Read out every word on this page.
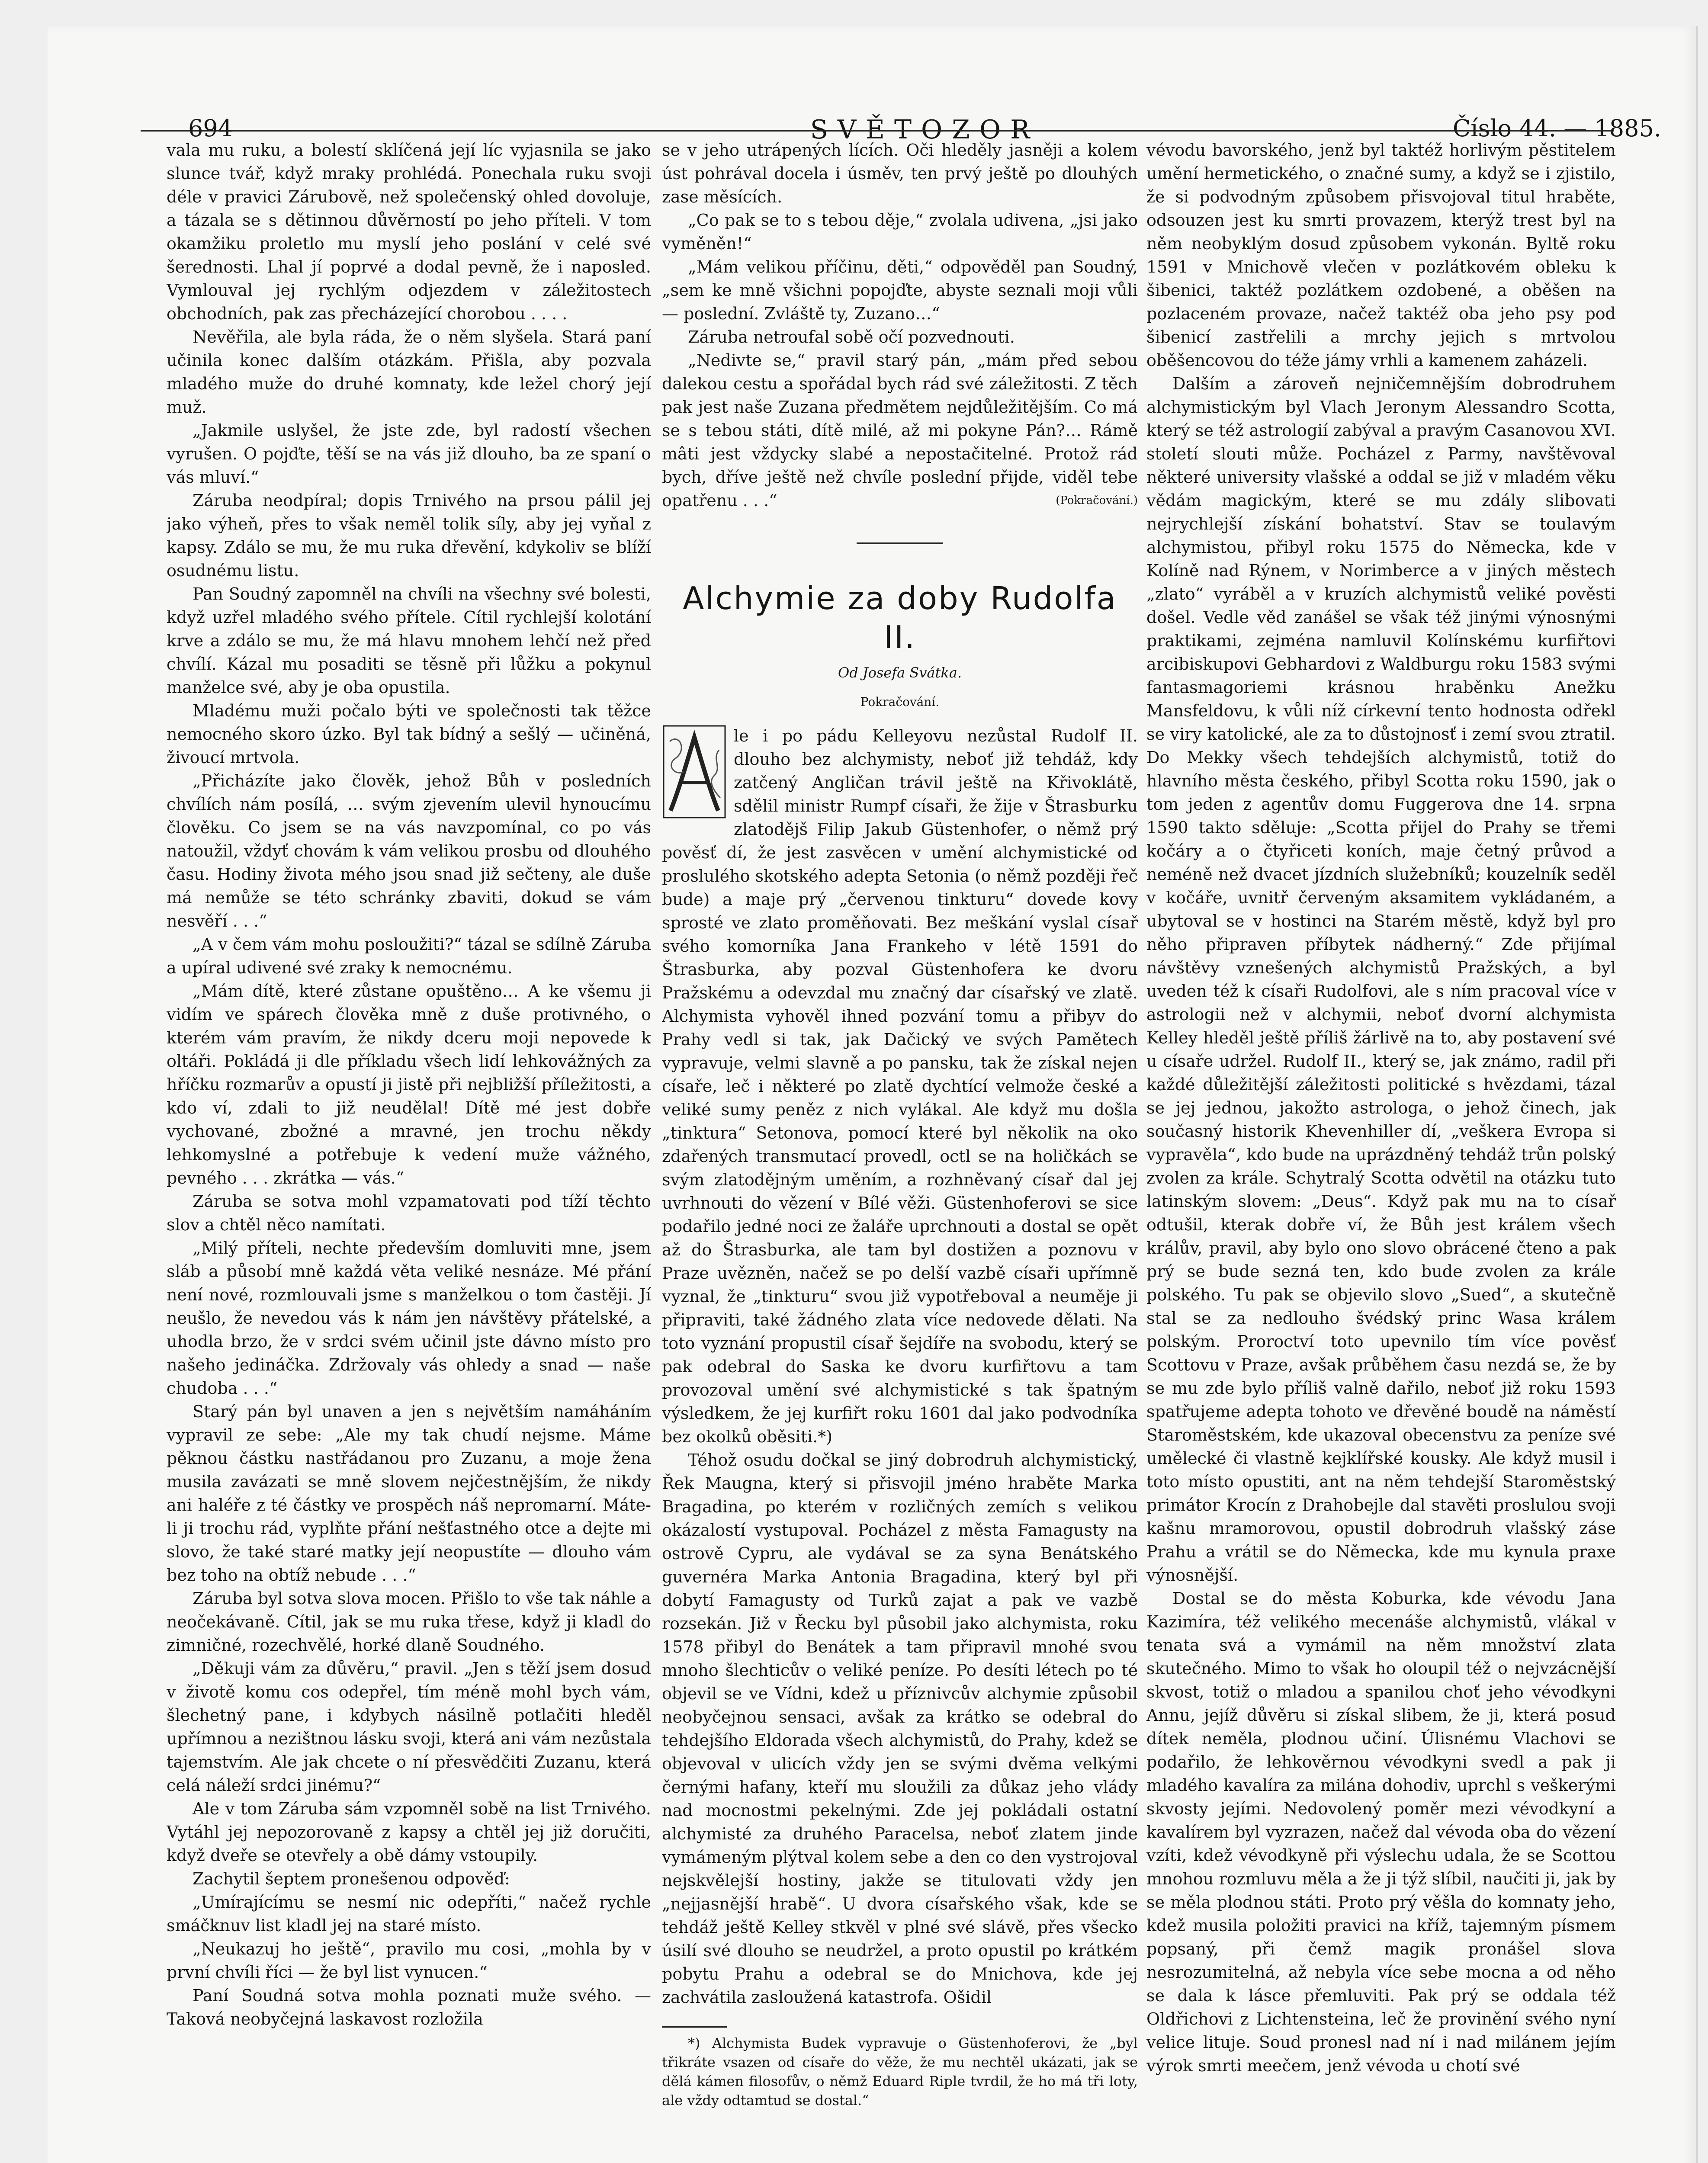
694	SVĚTOZOR	Číslo 44. — 1885.

vala mu ruku, a bolestí sklíčená její líc vyjasnila se jako slunce tvář, když mraky prohlédá. Ponechala ruku svoji déle v pravici Zárubově, než společenský ohled dovoluje, a tázala se s dětinnou důvěrností po jeho příteli. V tom okamžiku proletlo mu myslí jeho poslání v celé své šerednosti. Lhal jí poprvé a dodal pevně, že i naposled. Vymlouval jej rychlým odjezdem v záležitostech obchodních, pak zas přecházející chorobou . . . .

Nevěřila, ale byla ráda, že o něm slyšela. Stará paní učinila konec dalším otázkám. Přišla, aby pozvala mladého muže do druhé komnaty, kde ležel chorý její muž.

„Jakmile uslyšel, že jste zde, byl radostí všechen vyrušen. O pojďte, těší se na vás již dlouho, ba ze spaní o vás mluví.“

Záruba neodpíral; dopis Trnivého na prsou pálil jej jako výheň, přes to však neměl tolik síly, aby jej vyňal z kapsy. Zdálo se mu, že mu ruka dřevění, kdykoliv se blíží osudnému listu.

Pan Soudný zapomněl na chvíli na všechny své bolesti, když uzřel mladého svého přítele. Cítil rychlejší kolotání krve a zdálo se mu, že má hlavu mnohem lehčí než před chvílí. Kázal mu posaditi se těsně při lůžku a pokynul manželce své, aby je oba opustila.

Mladému muži počalo býti ve společnosti tak těžce nemocného skoro úzko. Byl tak bídný a sešlý — učiněná, živoucí mrtvola.

„Přicházíte jako člověk, jehož Bůh v posledních chvílích nám posílá, … svým zjevením ulevil hynoucímu člověku. Co jsem se na vás navzpomínal, co po vás natoužil, vždyť chovám k vám velikou prosbu od dlouhého času. Hodiny života mého jsou snad již sečteny, ale duše má nemůže se této schránky zbaviti, dokud se vám nesvěří . . .“

„A v čem vám mohu posloužiti?“ tázal se sdílně Záruba a upíral udivené své zraky k nemocnému.

„Mám dítě, které zůstane opuštěno… A ke všemu ji vidím ve spárech člověka mně z duše protivného, o kterém vám pravím, že nikdy dceru moji nepovede k oltáři. Pokládá ji dle příkladu všech lidí lehkovážných za hříčku rozmarův a opustí ji jistě při nejbližší příležitosti, a kdo ví, zdali to již neudělal! Dítě mé jest dobře vychované, zbožné a mravné, jen trochu někdy lehkomyslné a potřebuje k vedení muže vážného, pevného . . . zkrátka — vás.“

Záruba se sotva mohl vzpamatovati pod tíží těchto slov a chtěl něco namítati.

„Milý příteli, nechte především domluviti mne, jsem sláb a působí mně každá věta veliké nesnáze. Mé přání není nové, rozmlouvali jsme s manželkou o tom častěji. Jí neušlo, že nevedou vás k nám jen návštěvy přátelské, a uhodla brzo, že v srdci svém učinil jste dávno místo pro našeho jedináčka. Zdržovaly vás ohledy a snad — naše chudoba . . .“

Starý pán byl unaven a jen s největším namáháním vypravil ze sebe: „Ale my tak chudí nejsme. Máme pěknou částku nastřádanou pro Zuzanu, a moje žena musila zavázati se mně slovem nejčestnějším, že nikdy ani haléře z té částky ve prospěch náš nepromarní. Máte-li ji trochu rád, vyplňte přání nešťastného otce a dejte mi slovo, že také staré matky její neopustíte — dlouho vám bez toho na obtíž nebude . . .“

Záruba byl sotva slova mocen. Přišlo to vše tak náhle a neočekávaně. Cítil, jak se mu ruka třese, když ji kladl do zimničné, rozechvělé, horké dlaně Soudného.

„Děkuji vám za důvěru,“ pravil. „Jen s těží jsem dosud v životě komu cos odepřel, tím méně mohl bych vám, šlechetný pane, i kdybych násilně potlačiti hleděl upřímnou a nezištnou lásku svoji, která ani vám nezůstala tajemstvím. Ale jak chcete o ní přesvědčiti Zuzanu, která celá náleží srdci jinému?“

Ale v tom Záruba sám vzpomněl sobě na list Trnivého. Vytáhl jej nepozorovaně z kapsy a chtěl jej již doručiti, když dveře se otevřely a obě dámy vstoupily.

Zachytil šeptem pronešenou odpověď:

„Umírajícímu se nesmí nic odepříti,“ načež rychle smáčknuv list kladl jej na staré místo.

„Neukazuj ho ještě“, pravilo mu cosi, „mohla by v první chvíli říci — že byl list vynucen.“

Paní Soudná sotva mohla poznati muže svého. — Taková neobyčejná laskavost rozložila

se v jeho utrápených lících. Oči hleděly jasněji a kolem úst pohrával docela i úsměv, ten prvý ještě po dlouhých zase měsících.

„Co pak se to s tebou děje,“ zvolala udivena, „jsi jako vyměněn!“

„Mám velikou příčinu, děti,“ odpověděl pan Soudný, „sem ke mně všichni popojďte, abyste seznali moji vůli — poslední. Zvláště ty, Zuzano…“

Záruba netroufal sobě očí pozvednouti.

„Nedivte se,“ pravil starý pán, „mám před sebou dalekou cestu a spořádal bych rád své záležitosti. Z těch pak jest naše Zuzana předmětem nejdůležitějším. Co má se s tebou státi, dítě milé, až mi pokyne Pán?… Rámě mâti jest vždycky slabé a nepostačitelné. Protož rád bych, dříve ještě než chvíle poslední přijde, viděl tebe opatřenu . . .“	(Pokračování.)

Alchymie za doby Rudolfa II.
Od Josefa Svátka.
Pokračování.

le i po pádu Kelleyovu nezůstal Rudolf II. dlouho bez alchymisty, neboť již tehdáž, kdy zatčený Angličan trávil ještě na Křivoklátě, sdělil ministr Rumpf císaři, že žije v Štrasburku zlatodějš Filip Jakub Güstenhofer, o němž prý pověsť dí, že jest zasvěcen v umění alchymistické od proslulého skotského adepta Setonia (o němž později řeč bude) a maje prý „červenou tinkturu“ dovede kovy sprosté ve zlato proměňovati. Bez meškání vyslal císař svého komorníka Jana Frankeho v létě 1591 do Štrasburka, aby pozval Güstenhofera ke dvoru Pražskému a odevzdal mu značný dar císařský ve zlatě. Alchymista vyhověl ihned pozvání tomu a přibyv do Prahy vedl si tak, jak Dačický ve svých Pamětech vypravuje, velmi slavně a po pansku, tak že získal nejen císaře, leč i některé po zlatě dychtící velmože české a veliké sumy peněz z nich vylákal. Ale když mu došla „tinktura“ Setonova, pomocí které byl několik na oko zdařených transmutací provedl, octl se na holičkách se svým zlatodějným uměním, a rozhněvaný císař dal jej uvrhnouti do vězení v Bílé věži. Güstenhoferovi se sice podařilo jedné noci ze žaláře uprchnouti a dostal se opět až do Štrasburka, ale tam byl dostižen a poznovu v Praze uvězněn, načež se po delší vazbě císaři upřímně vyznal, že „tinkturu“ svou již vypotřeboval a neuměje ji připraviti, také žádného zlata více nedovede dělati. Na toto vyznání propustil císař šejdíře na svobodu, který se pak odebral do Saska ke dvoru kurfiřtovu a tam provozoval umění své alchymistické s tak špatným výsledkem, že jej kurfiřt roku 1601 dal jako podvodníka bez okolků oběsiti.*)

Téhož osudu dočkal se jiný dobrodruh alchymistický, Řek Maugna, který si přisvojil jméno hraběte Marka Bragadina, po kterém v rozličných zemích s velikou okázalostí vystupoval. Pocházel z města Famagusty na ostrově Cypru, ale vydával se za syna Benátského guvernéra Marka Antonia Bragadina, který byl při dobytí Famagusty od Turků zajat a pak ve vazbě rozsekán. Již v Řecku byl působil jako alchymista, roku 1578 přibyl do Benátek a tam připravil mnohé svou mnoho šlechticův o veliké peníze. Po desíti létech po té objevil se ve Vídni, kdež u příznivcův alchymie způsobil neobyčejnou sensaci, avšak za krátko se odebral do tehdejšího Eldorada všech alchymistů, do Prahy, kdež se objevoval v ulicích vždy jen se svými dvěma velkými černými hafany, kteří mu sloužili za důkaz jeho vlády nad mocnostmi pekelnými. Zde jej pokládali ostatní alchymisté za druhého Paracelsa, neboť zlatem jinde vymámeným plýtval kolem sebe a den co den vystrojoval nejskvělejší hostiny, jakže se titulovati vždy jen „nejjasnější hrabě“. U dvora císařského však, kde se tehdáž ještě Kelley stkvěl v plné své slávě, přes všecko úsilí své dlouho se neudržel, a proto opustil po krátkém pobytu Prahu a odebral se do Mnichova, kde jej zachvátila zasloužená katastrofa. Ošidil

*) Alchymista Budek vypravuje o Güstenhoferovi, že „byl třikráte vsazen od císaře do věže, že mu nechtěl ukázati, jak se dělá kámen filosofův, o němž Eduard Riple tvrdil, že ho má tři loty, ale vždy odtamtud se dostal.“

vévodu bavorského, jenž byl taktéž horlivým pěstitelem umění hermetického, o značné sumy, a když se i zjistilo, že si podvodným způsobem přisvojoval titul hraběte, odsouzen jest ku smrti provazem, kterýž trest byl na něm neobyklým dosud způsobem vykonán. Byltě roku 1591 v Mnichově vlečen v pozlátkovém obleku k šibenici, taktéž pozlátkem ozdobené, a oběšen na pozlaceném provaze, načež taktéž oba jeho psy pod šibenicí zastřelili a mrchy jejich s mrtvolou oběšencovou do téže jámy vrhli a kamenem zaházeli.

Dalším a zároveň nejničemnějším dobrodruhem alchymistickým byl Vlach Jeronym Alessandro Scotta, který se též astrologií zabýval a pravým Casanovou XVI. století slouti může. Pocházel z Parmy, navštěvoval některé university vlašské a oddal se již v mladém věku vědám magickým, které se mu zdály slibovati nejrychlejší získání bohatství. Stav se toulavým alchymistou, přibyl roku 1575 do Německa, kde v Kolíně nad Rýnem, v Norimberce a v jiných městech „zlato“ vyráběl a v kruzích alchymistů veliké pověsti došel. Vedle věd zanášel se však též jinými výnosnými praktikami, zejména namluvil Kolínskému kurfiřtovi arcibiskupovi Gebhardovi z Waldburgu roku 1583 svými fantasmagoriemi krásnou hraběnku Anežku Mansfeldovu, k vůli níž církevní tento hodnosta odřekl se viry katolické, ale za to důstojnosť i zemí svou ztratil. Do Mekky všech tehdejších alchymistů, totiž do hlavního města českého, přibyl Scotta roku 1590, jak o tom jeden z agentův domu Fuggerova dne 14. srpna 1590 takto sděluje: „Scotta přijel do Prahy se třemi kočáry a o čtyřiceti koních, maje četný průvod a neméně než dvacet jízdních služebníků; kouzelník seděl v kočáře, uvnitř červeným aksamitem vykládaném, a ubytoval se v hostinci na Starém městě, když byl pro něho připraven příbytek nádherný.“ Zde přijímal návštěvy vznešených alchymistů Pražských, a byl uveden též k císaři Rudolfovi, ale s ním pracoval více v astrologii než v alchymii, neboť dvorní alchymista Kelley hleděl ještě příliš žárlivě na to, aby postavení své u císaře udržel. Rudolf II., který se, jak známo, radil při každé důležitější záležitosti politické s hvězdami, tázal se jej jednou, jakožto astrologa, o jehož činech, jak současný historik Khevenhiller dí, „veškera Evropa si vypravěla“, kdo bude na uprázdněný tehdáž trůn polský zvolen za krále. Schytralý Scotta odvětil na otázku tuto latinským slovem: „Deus“. Když pak mu na to císař odtušil, kterak dobře ví, že Bůh jest králem všech králův, pravil, aby bylo ono slovo obrácené čteno a pak prý se bude sezná ten, kdo bude zvolen za krále polského. Tu pak se objevilo slovo „Sued“, a skutečně stal se za nedlouho švédský princ Wasa králem polským. Proroctví toto upevnilo tím více pověsť Scottovu v Praze, avšak průběhem času nezdá se, že by se mu zde bylo příliš valně dařilo, neboť již roku 1593 spatřujeme adepta tohoto ve dřevěné boudě na náměstí Staroměstském, kde ukazoval obecenstvu za peníze své umělecké či vlastně kejklířské kousky. Ale když musil i toto místo opustiti, ant na něm tehdejší Staroměstský primátor Krocín z Drahobejle dal stavěti proslulou svoji kašnu mramorovou, opustil dobrodruh vlašský záse Prahu a vrátil se do Německa, kde mu kynula praxe výnosnější.

Dostal se do města Koburka, kde vévodu Jana Kazimíra, též velikého mecenáše alchymistů, vlákal v tenata svá a vymámil na něm množství zlata skutečného. Mimo to však ho oloupil též o nejvzácnější skvost, totiž o mladou a spanilou choť jeho vévodkyni Annu, jejíž důvěru si získal slibem, že ji, která posud dítek neměla, plodnou učiní. Úlisnému Vlachovi se podařilo, že lehkověrnou vévodkyni svedl a pak ji mladého kavalíra za milána dohodiv, uprchl s veškerými skvosty jejími. Nedovolený poměr mezi vévodkyní a kavalírem byl vyzrazen, načež dal vévoda oba do vězení vzíti, kdež vévodkyně při výslechu udala, že se Scottou mnohou rozmluvu měla a že ji týž slíbil, naučiti ji, jak by se měla plodnou státi. Proto prý věšla do komnaty jeho, kdež musila položiti pravici na kříž, tajemným písmem popsaný, při čemž magik pronášel slova nesrozumitelná, až nebyla více sebe mocna a od něho se dala k lásce přemluviti. Pak prý se oddala též Oldřichovi z Lichtensteina, leč že provinění svého nyní velice lituje. Soud pronesl nad ní i nad milánem jejím výrok smrti meečem, jenž vévoda u chotí své
